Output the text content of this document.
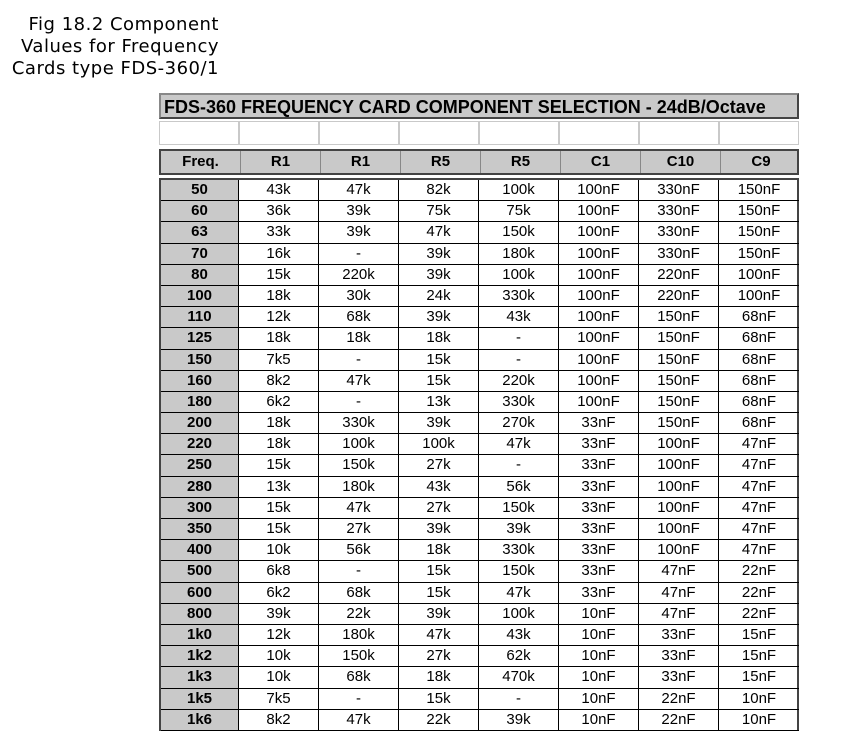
Fig 18.2 Component
Values for Frequency
Cards type FDS-360/1
FDS-360 FREQUENCY CARD COMPONENT SELECTION - 24dB/Octave
Freq.	R1	R1	R5	R5	C1	C10	C9
50	43k	47k	82k	100k	100nF	330nF	150nF
60	36k	39k	75k	75k	100nF	330nF	150nF
63	33k	39k	47k	150k	100nF	330nF	150nF
70	16k	-	39k	180k	100nF	330nF	150nF
80	15k	220k	39k	100k	100nF	220nF	100nF
100	18k	30k	24k	330k	100nF	220nF	100nF
110	12k	68k	39k	43k	100nF	150nF	68nF
125	18k	18k	18k	-	100nF	150nF	68nF
150	7k5	-	15k	-	100nF	150nF	68nF
160	8k2	47k	15k	220k	100nF	150nF	68nF
180	6k2	-	13k	330k	100nF	150nF	68nF
200	18k	330k	39k	270k	33nF	150nF	68nF
220	18k	100k	100k	47k	33nF	100nF	47nF
250	15k	150k	27k	-	33nF	100nF	47nF
280	13k	180k	43k	56k	33nF	100nF	47nF
300	15k	47k	27k	150k	33nF	100nF	47nF
350	15k	27k	39k	39k	33nF	100nF	47nF
400	10k	56k	18k	330k	33nF	100nF	47nF
500	6k8	-	15k	150k	33nF	47nF	22nF
600	6k2	68k	15k	47k	33nF	47nF	22nF
800	39k	22k	39k	100k	10nF	47nF	22nF
1k0	12k	180k	47k	43k	10nF	33nF	15nF
1k2	10k	150k	27k	62k	10nF	33nF	15nF
1k3	10k	68k	18k	470k	10nF	33nF	15nF
1k5	7k5	-	15k	-	10nF	22nF	10nF
1k6	8k2	47k	22k	39k	10nF	22nF	10nF
